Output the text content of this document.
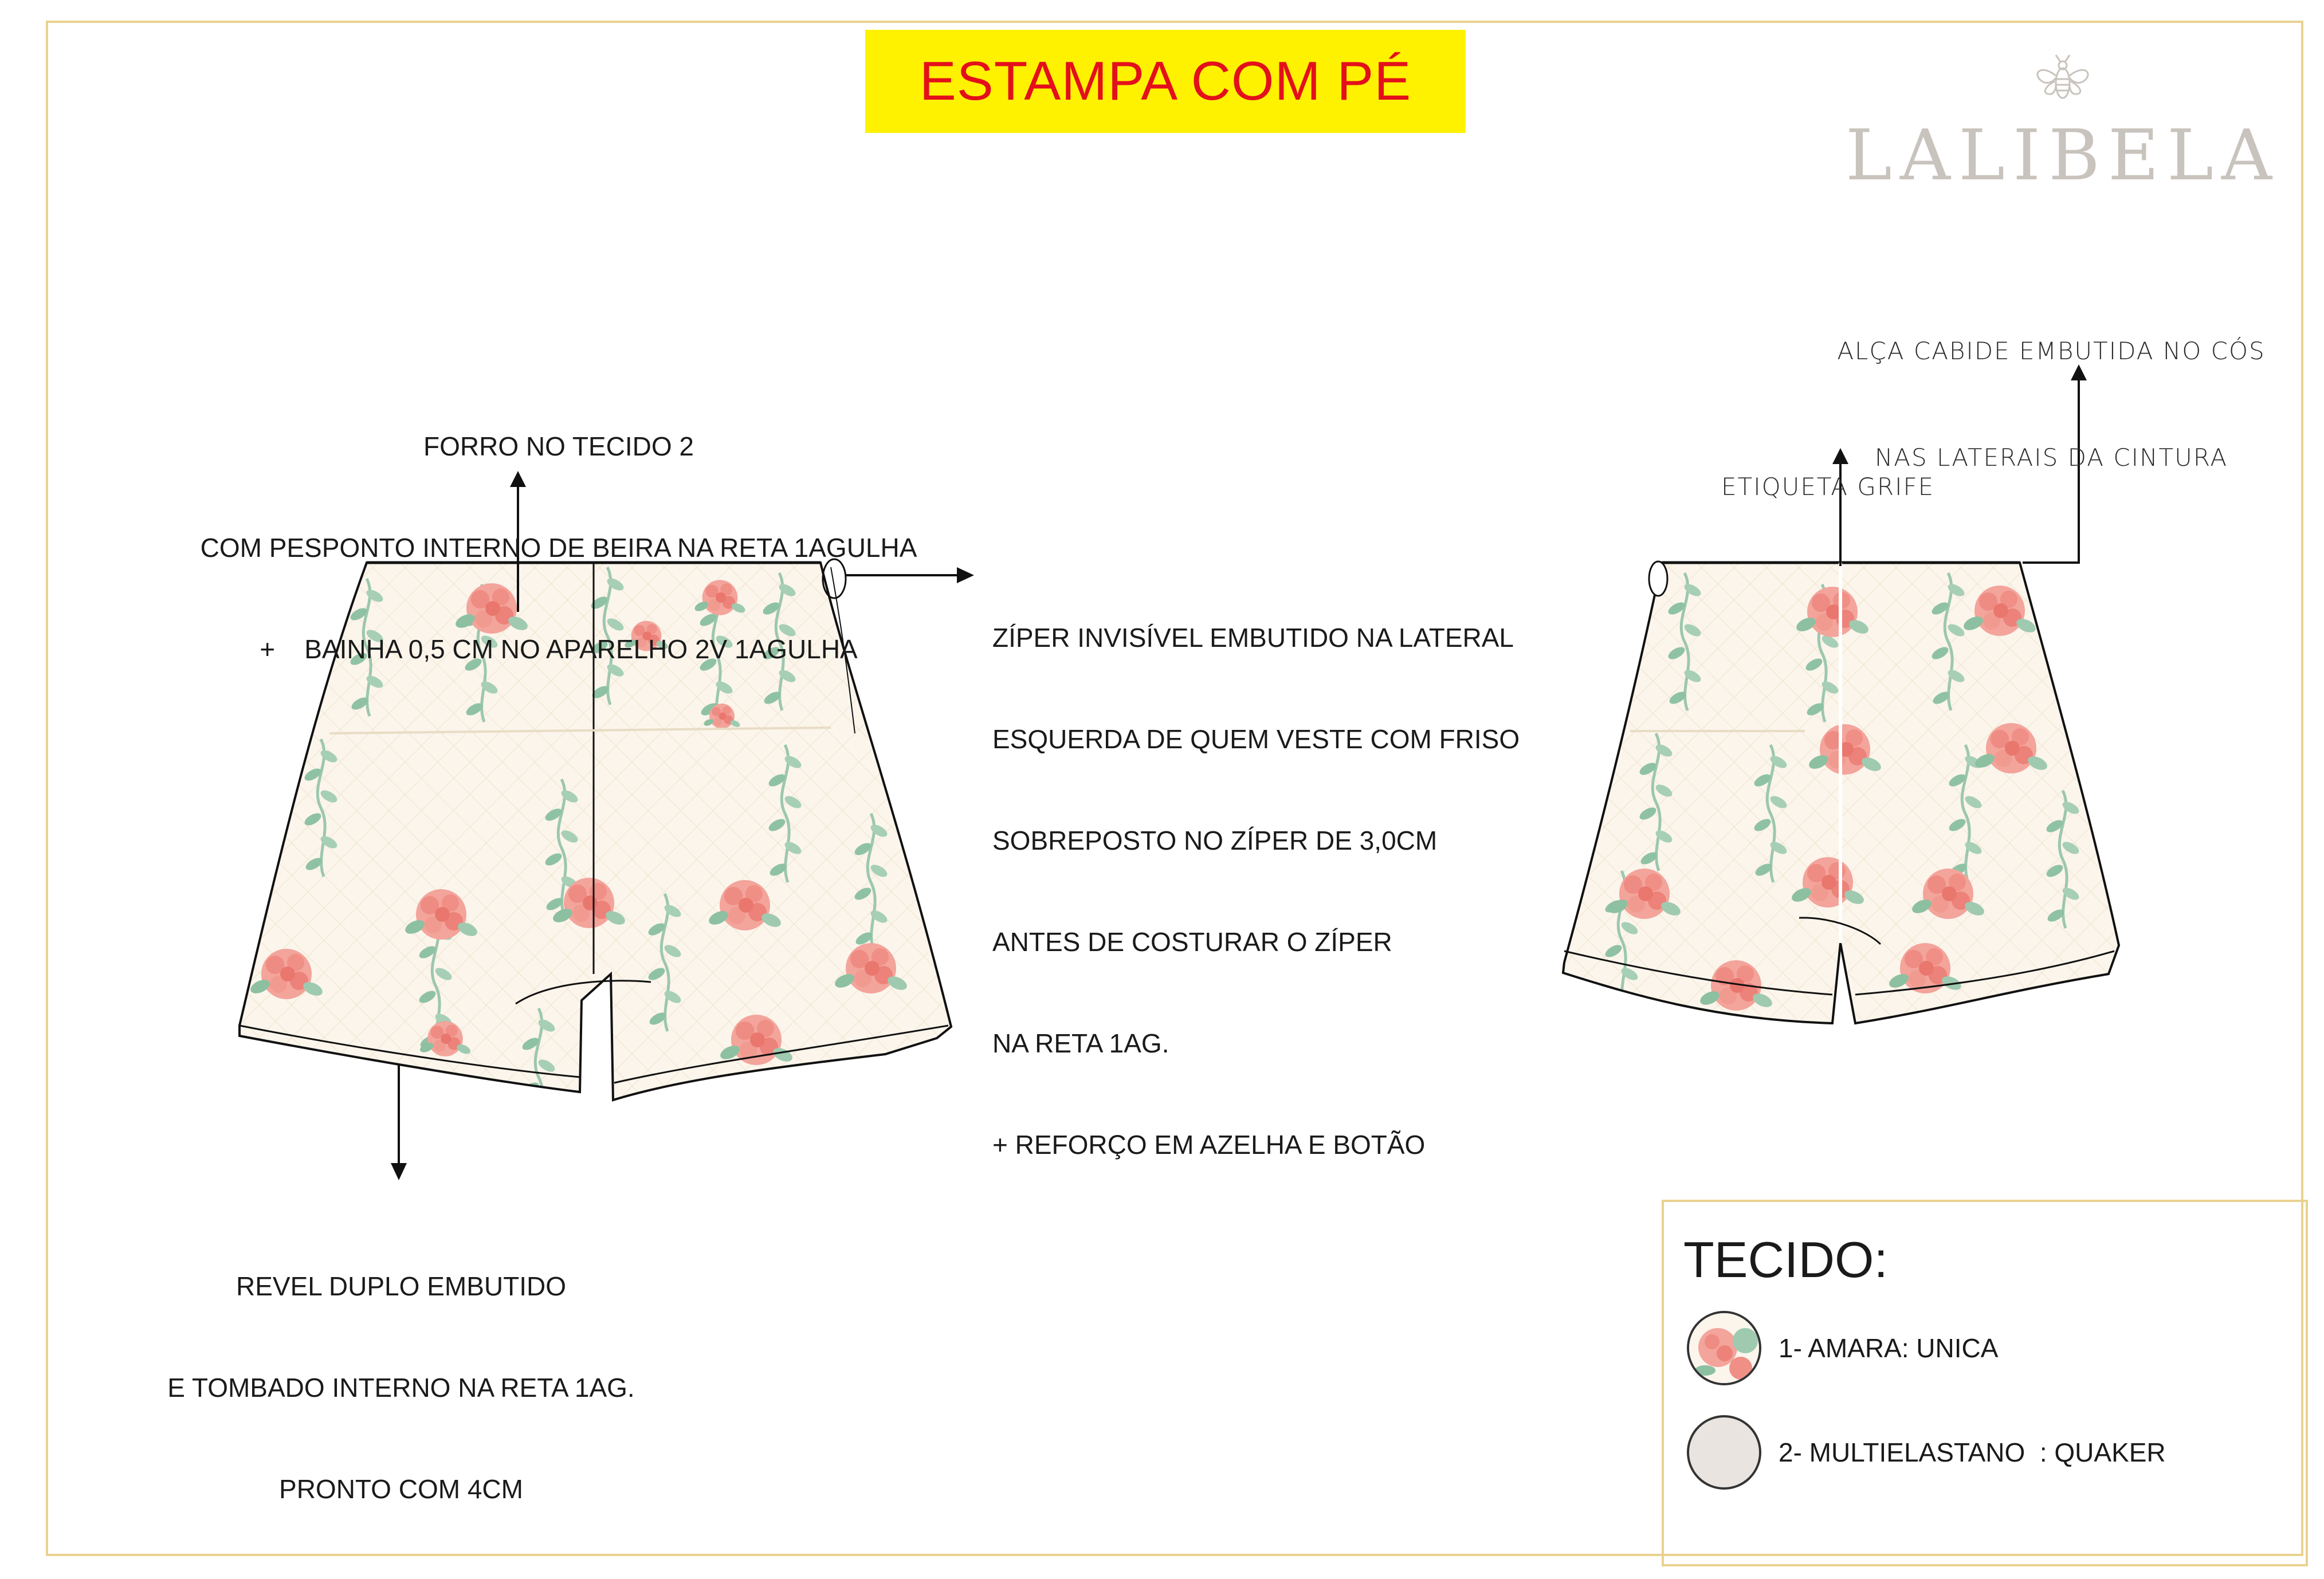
ESTAMPA COM PÉ
LALIBELA

FORRO NO TECIDO 2

COM PESPONTO INTERNO DE BEIRA NA RETA 1AGULHA

+    BAINHA 0,5 CM NO APARELHO 2V 1AGULHA

	ZÍPER INVISÍVEL EMBUTIDO NA LATERAL

ESQUERDA DE QUEM VESTE COM FRISO

SOBREPOSTO NO ZÍPER DE 3,0CM

ANTES DE COSTURAR O ZÍPER

NA RETA 1AG.

+ REFORÇO EM AZELHA E BOTÃO

REVEL DUPLO EMBUTIDO

E TOMBADO INTERNO NA RETA 1AG.

PRONTO COM 4CM

ETIQUETA GRIFE

ALÇA CABIDE EMBUTIDA NO CÓS

NAS LATERAIS DA CINTURA

TECIDO:
1- AMARA: UNICA
2- MULTIELASTANO  : QUAKER
